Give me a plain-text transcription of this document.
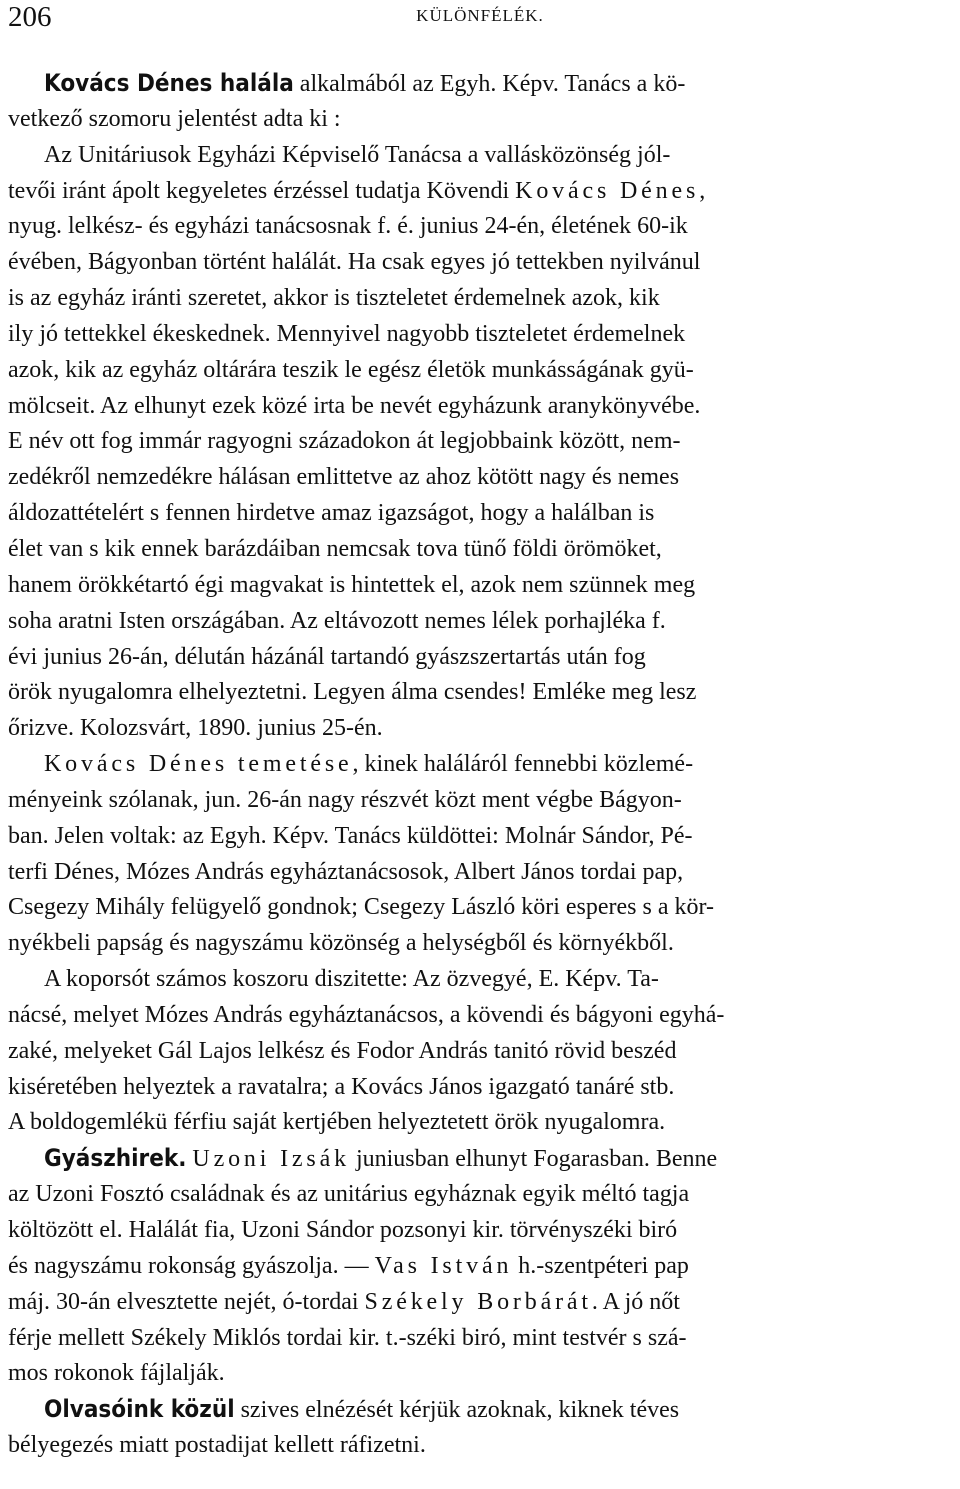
206	KÜLÖNFÉLÉK.
Kovács Dénes halála alkalmából az Egyh. Képv. Tanács a kö-
vetkező szomoru jelentést adta ki :
Az Unitáriusok Egyházi Képviselő Tanácsa a vallásközönség jól-
tevői iránt ápolt kegyeletes érzéssel tudatja Kövendi Kovács Dénes,
nyug. lelkész- és egyházi tanácsosnak f. é. junius 24-én, életének 60-ik
évében, Bágyonban történt halálát. Ha csak egyes jó tettekben nyilvánul
is az egyház iránti szeretet, akkor is tiszteletet érdemelnek azok, kik
ily jó tettekkel ékeskednek. Mennyivel nagyobb tiszteletet érdemelnek
azok, kik az egyház oltárára teszik le egész életök munkásságának gyü-
mölcseit. Az elhunyt ezek közé irta be nevét egyházunk aranykönyvébe.
E név ott fog immár ragyogni századokon át legjobbaink között, nem-
zedékről nemzedékre hálásan emlittetve az ahoz kötött nagy és nemes
áldozattételért s fennen hirdetve amaz igazságot, hogy a halálban is
élet van s kik ennek barázdáiban nemcsak tova tünő földi örömöket,
hanem örökkétartó égi magvakat is hintettek el, azok nem szünnek meg
soha aratni Isten országában. Az eltávozott nemes lélek porhajléka f.
évi junius 26-án, délután házánál tartandó gyászszertartás után fog
örök nyugalomra elhelyeztetni. Legyen álma csendes! Emléke meg lesz
őrizve. Kolozsvárt, 1890. junius 25-én.
Kovács Dénes temetése, kinek haláláról fennebbi közlemé-
ményeink szólanak, jun. 26-án nagy részvét közt ment végbe Bágyon-
ban. Jelen voltak: az Egyh. Képv. Tanács küldöttei: Molnár Sándor, Pé-
terfi Dénes, Mózes András egyháztanácsosok, Albert János tordai pap,
Csegezy Mihály felügyelő gondnok; Csegezy László köri esperes s a kör-
nyékbeli papság és nagyszámu közönség a helységből és környékből.
A koporsót számos koszoru diszitette: Az özvegyé, E. Képv. Ta-
nácsé, melyet Mózes András egyháztanácsos, a kövendi és bágyoni egyhá-
zaké, melyeket Gál Lajos lelkész és Fodor András tanitó rövid beszéd
kiséretében helyeztek a ravatalra; a Kovács János igazgató tanáré stb.
A boldogemlékü férfiu saját kertjében helyeztetett örök nyugalomra.
Gyászhirek. Uzoni Izsák juniusban elhunyt Fogarasban. Benne
az Uzoni Fosztó családnak és az unitárius egyháznak egyik méltó tagja
költözött el. Halálát fia, Uzoni Sándor pozsonyi kir. törvényszéki biró
és nagyszámu rokonság gyászolja. — Vas István h.-szentpéteri pap
máj. 30-án elvesztette nejét, ó-tordai Székely Borbárát. A jó nőt
férje mellett Székely Miklós tordai kir. t.-széki biró, mint testvér s szá-
mos rokonok fájlalják.
Olvasóink közül szives elnézését kérjük azoknak, kiknek téves
bélyegezés miatt postadijat kellett ráfizetni.
